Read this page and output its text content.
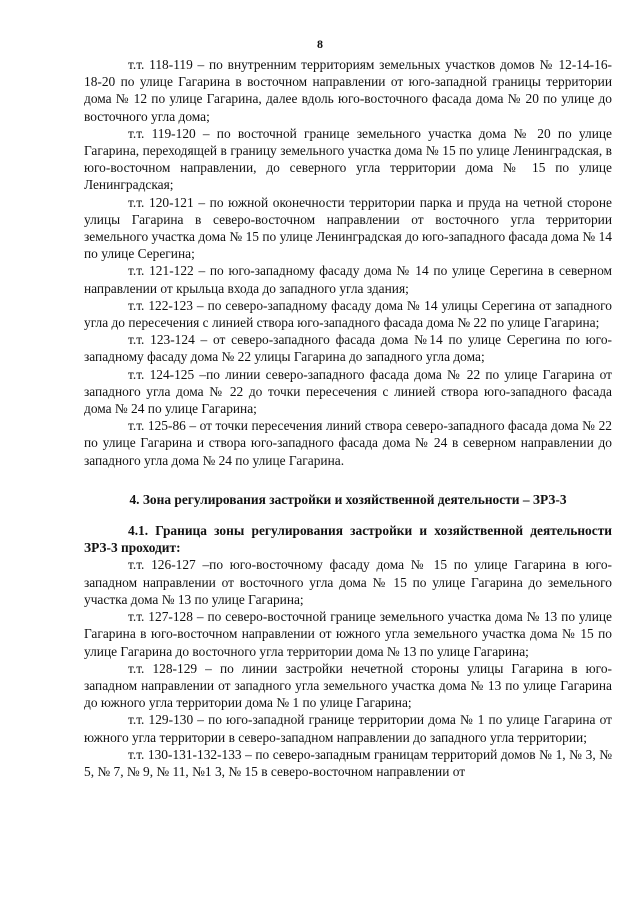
8

т.т. 118-119 – по внутренним территориям земельных участков домов № 12-14-16-18-20 по улице Гагарина в восточном направлении от юго-западной границы территории дома № 12 по улице Гагарина, далее вдоль юго-восточного фасада дома № 20 по улице до восточного угла дома;

т.т. 119-120 – по восточной границе земельного участка дома № 20 по улице Гагарина, переходящей в границу земельного участка дома № 15 по улице Ленинградская, в юго-восточном направлении, до северного угла территории дома № 15 по улице Ленинградская;

т.т. 120-121 – по южной оконечности территории парка и пруда на четной стороне улицы Гагарина в северо-восточном направлении от восточного угла территории земельного участка дома № 15 по улице Ленинградская до юго-западного фасада дома № 14 по улице Серегина;

т.т. 121-122 – по юго-западному фасаду дома № 14 по улице Серегина в северном направлении от крыльца входа до западного угла здания;

т.т. 122-123 – по северо-западному фасаду дома № 14 улицы Серегина от западного угла до пересечения с линией створа юго-западного фасада дома № 22 по улице Гагарина;

т.т. 123-124 – от северо-западного фасада дома №14 по улице Серегина по юго-западному фасаду дома № 22 улицы Гагарина до западного угла дома;

т.т. 124-125 –по линии северо-западного фасада дома № 22 по улице Гагарина от западного угла дома № 22 до точки пересечения с линией створа юго-западного фасада дома № 24 по улице Гагарина;

т.т. 125-86 – от точки пересечения линий створа северо-западного фасада дома № 22 по улице Гагарина и створа юго-западного фасада дома № 24 в северном направлении до западного угла дома № 24 по улице Гагарина.

4. Зона регулирования застройки и хозяйственной деятельности – ЗРЗ-3

4.1. Граница зоны регулирования застройки и хозяйственной деятельности ЗРЗ-3 проходит:

т.т. 126-127 –по юго-восточному фасаду дома № 15 по улице Гагарина в юго-западном направлении от восточного угла дома № 15 по улице Гагарина до земельного участка дома № 13 по улице Гагарина;

т.т. 127-128 – по северо-восточной границе земельного участка дома № 13 по улице Гагарина в юго-восточном направлении от южного угла земельного участка дома № 15 по улице Гагарина до восточного угла территории дома № 13 по улице Гагарина;

т.т. 128-129 – по линии застройки нечетной стороны улицы Гагарина в юго-западном направлении от западного угла земельного участка дома № 13 по улице Гагарина до южного угла территории дома № 1 по улице Гагарина;

т.т. 129-130 – по юго-западной границе территории дома № 1 по улице Гагарина от южного угла территории в северо-западном направлении до западного угла территории;

т.т. 130-131-132-133 – по северо-западным границам территорий домов № 1, № 3, № 5, № 7, № 9, № 11, №1 3, № 15 в северо-восточном направлении от
